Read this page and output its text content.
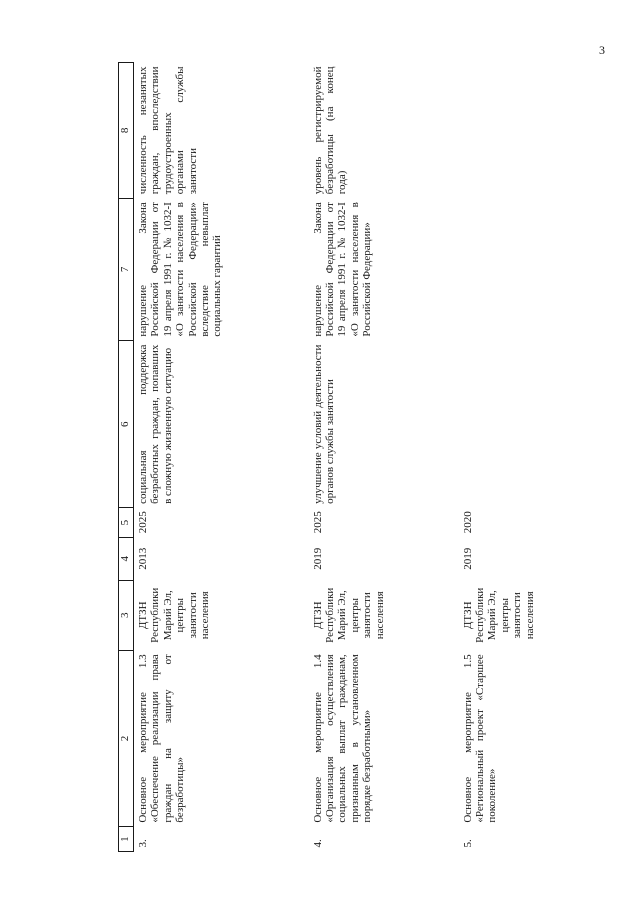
3
1	2	3	4	5	6	7	8
3.	Основное мероприятие 1.3 «Обеспечение реализации права граждан на защиту от безработицы»	ДТЗН Республики Марий Эл, центры занятости населения	2013	2025	социальная поддержка безработных граждан, попавших в сложную жизненную ситуацию	нарушение Закона Российской Федерации от 19 апреля 1991 г. № 1032-I «О занятости населения в Российской Федерации» вследствие невыплат социальных гарантий	численность незанятых граждан, впоследствии трудоустроенных органами службы занятости
4.	Основное мероприятие 1.4 «Организация осуществления социальных выплат гражданам, признанным в установленном порядке безработными»	ДТЗН Республики Марий Эл, центры занятости населения	2019	2025	улучшение условий деятельности органов службы занятости	нарушение Закона Российской Федерации от 19 апреля 1991 г. № 1032-I «О занятости населения в Российской Федерации»	уровень регистрируемой безработицы (на конец года)
5.	Основное мероприятие 1.5 «Региональный проект «Старшее поколение»	ДТЗН Республики Марий Эл, центры занятости населения	2019	2020			
